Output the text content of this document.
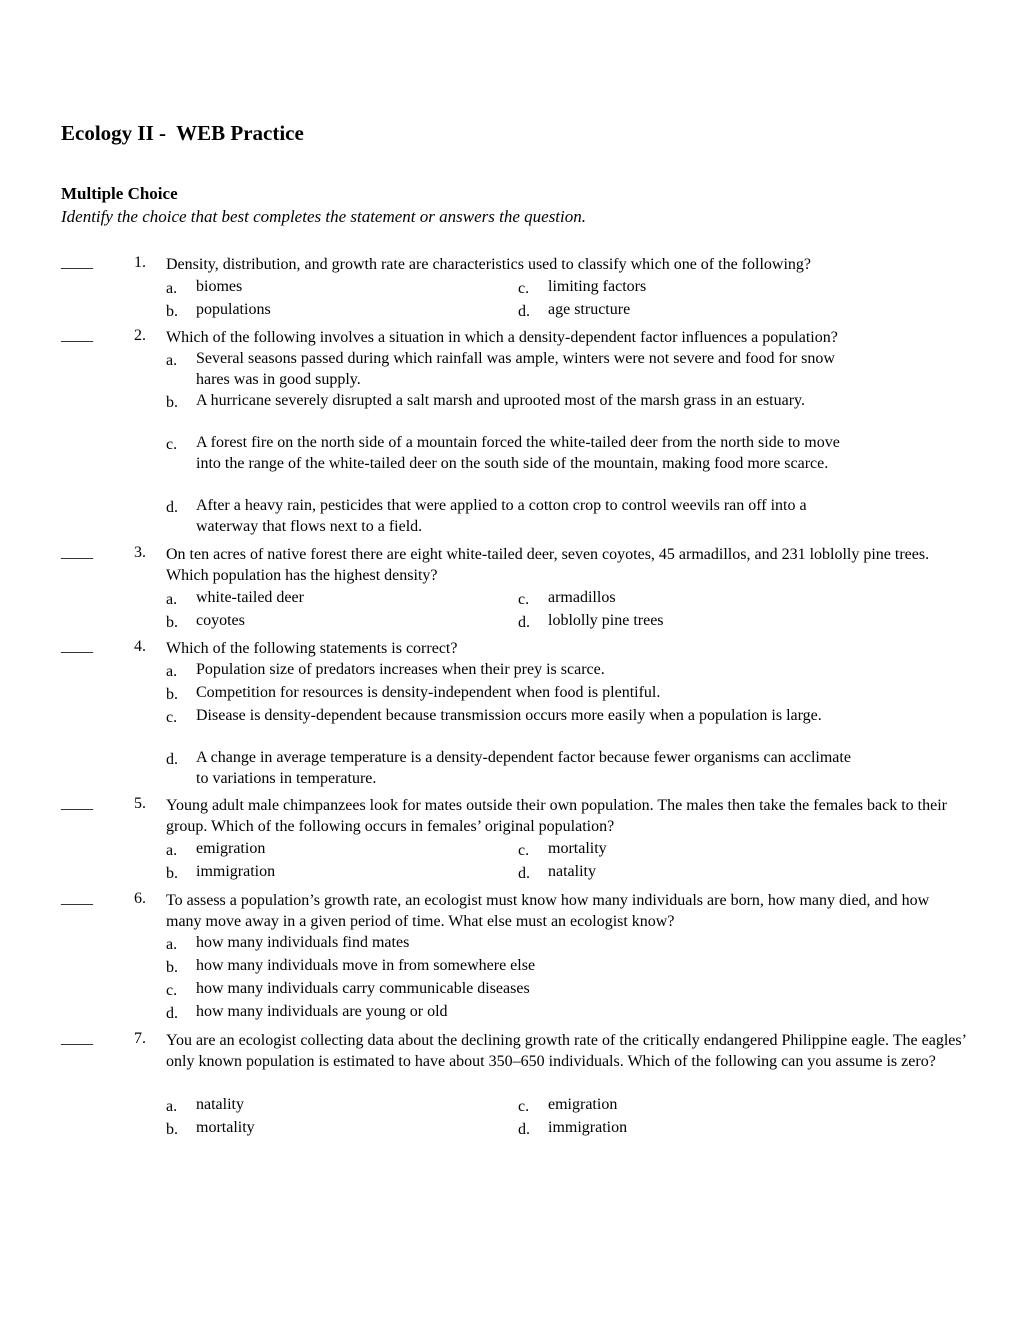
Ecology II -  WEB Practice
Multiple Choice
Identify the choice that best completes the statement or answers the question.
____	1. Density, distribution, and growth rate are characteristics used to classify which one of the following?
a. biomes
b. populations
c. limiting factors
d. age structure
____	2. Which of the following involves a situation in which a density-dependent factor influences a population?
a. Several seasons passed during which rainfall was ample, winters were not severe and food for snow hares was in good supply.
b. A hurricane severely disrupted a salt marsh and uprooted most of the marsh grass in an estuary.
c. A forest fire on the north side of a mountain forced the white-tailed deer from the north side to move into the range of the white-tailed deer on the south side of the mountain, making food more scarce.
d. After a heavy rain, pesticides that were applied to a cotton crop to control weevils ran off into a waterway that flows next to a field.
____	3. On ten acres of native forest there are eight white-tailed deer, seven coyotes, 45 armadillos, and 231 loblolly pine trees. Which population has the highest density?
a. white-tailed deer
b. coyotes
c. armadillos
d. loblolly pine trees
____	4. Which of the following statements is correct?
a. Population size of predators increases when their prey is scarce.
b. Competition for resources is density-independent when food is plentiful.
c. Disease is density-dependent because transmission occurs more easily when a population is large.
d. A change in average temperature is a density-dependent factor because fewer organisms can acclimate to variations in temperature.
____	5. Young adult male chimpanzees look for mates outside their own population. The males then take the females back to their group. Which of the following occurs in females’ original population?
a. emigration
b. immigration
c. mortality
d. natality
____	6. To assess a population’s growth rate, an ecologist must know how many individuals are born, how many died, and how many move away in a given period of time. What else must an ecologist know?
a. how many individuals find mates
b. how many individuals move in from somewhere else
c. how many individuals carry communicable diseases
d. how many individuals are young or old
____	7. You are an ecologist collecting data about the declining growth rate of the critically endangered Philippine eagle. The eagles’ only known population is estimated to have about 350–650 individuals. Which of the following can you assume is zero?
a. natality
b. mortality
c. emigration
d. immigration
